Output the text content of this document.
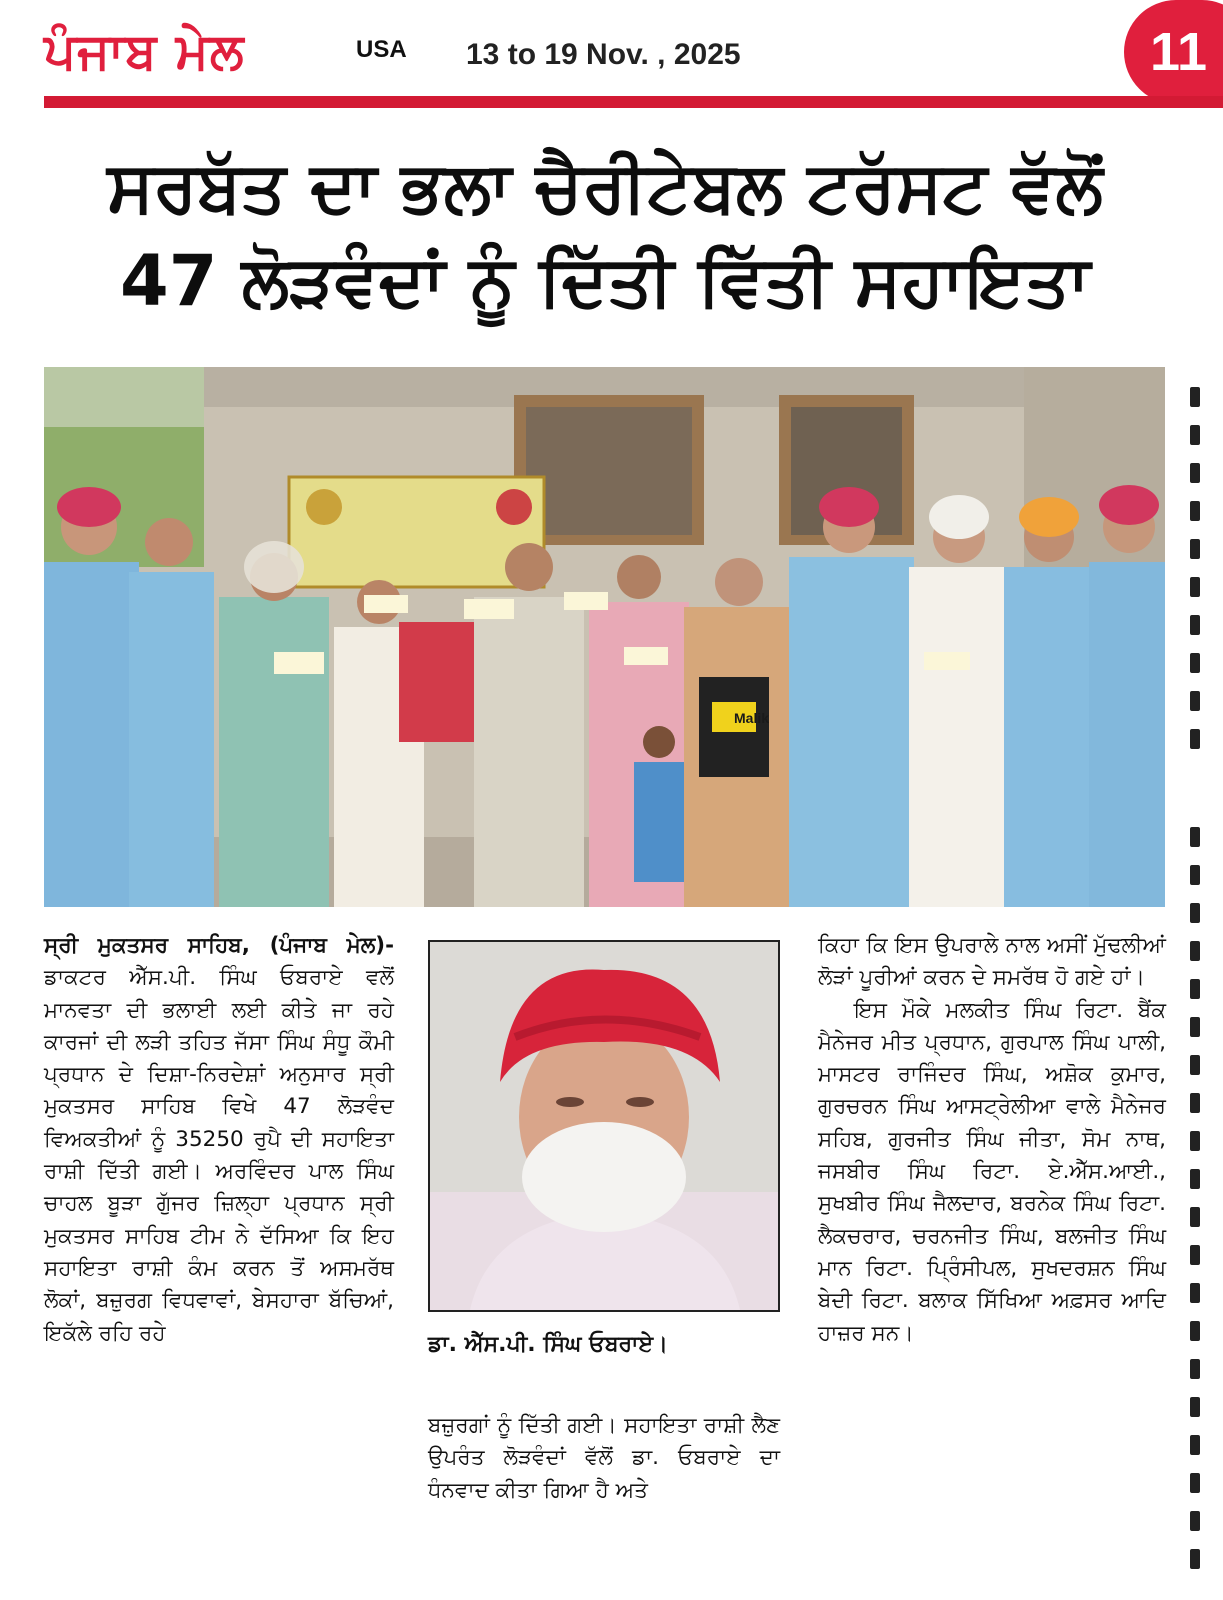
ਪੰਜਾਬ ਮੇਲ	USA 13 to 19 Nov. , 2025	11
ਸਰਬੱਤ ਦਾ ਭਲਾ ਚੈਰੀਟੇਬਲ ਟਰੱਸਟ ਵੱਲੋਂ
47 ਲੋੜਵੰਦਾਂ ਨੂੰ ਦਿੱਤੀ ਵਿੱਤੀ ਸਹਾਇਤਾ
Malik

ਸ੍ਰੀ ਮੁਕਤਸਰ ਸਾਹਿਬ, (ਪੰਜਾਬ ਮੇਲ)- ਡਾਕਟਰ ਐੱਸ.ਪੀ. ਸਿੰਘ ਓਬਰਾਏ ਵਲੋਂ ਮਾਨਵਤਾ ਦੀ ਭਲਾਈ ਲਈ ਕੀਤੇ ਜਾ ਰਹੇ ਕਾਰਜਾਂ ਦੀ ਲੜੀ ਤਹਿਤ ਜੱਸਾ ਸਿੰਘ ਸੰਧੂ ਕੌਮੀ ਪ੍ਰਧਾਨ ਦੇ ਦਿਸ਼ਾ-ਨਿਰਦੇਸ਼ਾਂ ਅਨੁਸਾਰ ਸ੍ਰੀ ਮੁਕਤਸਰ ਸਾਹਿਬ ਵਿਖੇ 47 ਲੋੜਵੰਦ ਵਿਅਕਤੀਆਂ ਨੂੰ 35250 ਰੁਪੈ ਦੀ ਸਹਾਇਤਾ ਰਾਸ਼ੀ ਦਿੱਤੀ ਗਈ। ਅਰਵਿੰਦਰ ਪਾਲ ਸਿੰਘ ਚਾਹਲ ਬੂੜਾ ਗੁੱਜਰ ਜ਼ਿਲ੍ਹਾ ਪ੍ਰਧਾਨ ਸ੍ਰੀ ਮੁਕਤਸਰ ਸਾਹਿਬ ਟੀਮ ਨੇ ਦੱਸਿਆ ਕਿ ਇਹ ਸਹਾਇਤਾ ਰਾਸ਼ੀ ਕੰਮ ਕਰਨ ਤੋਂ ਅਸਮਰੱਥ ਲੋਕਾਂ, ਬਜ਼ੁਰਗ ਵਿਧਵਾਵਾਂ, ਬੇਸਹਾਰਾ ਬੱਚਿਆਂ, ਇਕੱਲੇ ਰਹਿ ਰਹੇ	ਡਾ. ਐੱਸ.ਪੀ. ਸਿੰਘ ਓਬਰਾਏ।

ਬਜ਼ੁਰਗਾਂ ਨੂੰ ਦਿੱਤੀ ਗਈ। ਸਹਾਇਤਾ ਰਾਸ਼ੀ ਲੈਣ ਉਪਰੰਤ ਲੋੜਵੰਦਾਂ ਵੱਲੋਂ ਡਾ. ਓਬਰਾਏ ਦਾ ਧੰਨਵਾਦ ਕੀਤਾ ਗਿਆ ਹੈ ਅਤੇ

ਕਿਹਾ ਕਿ ਇਸ ਉਪਰਾਲੇ ਨਾਲ ਅਸੀਂ ਮੁੱਢਲੀਆਂ ਲੋੜਾਂ ਪੂਰੀਆਂ ਕਰਨ ਦੇ ਸਮਰੱਥ ਹੋ ਗਏ ਹਾਂ।

ਇਸ ਮੌਕੇ ਮਲਕੀਤ ਸਿੰਘ ਰਿਟਾ. ਬੈਂਕ ਮੈਨੇਜਰ ਮੀਤ ਪ੍ਰਧਾਨ, ਗੁਰਪਾਲ ਸਿੰਘ ਪਾਲੀ, ਮਾਸਟਰ ਰਾਜਿੰਦਰ ਸਿੰਘ, ਅਸ਼ੋਕ ਕੁਮਾਰ, ਗੁਰਚਰਨ ਸਿੰਘ ਆਸਟ੍ਰੇਲੀਆ ਵਾਲੇ ਮੈਨੇਜਰ ਸਹਿਬ, ਗੁਰਜੀਤ ਸਿੰਘ ਜੀਤਾ, ਸੋਮ ਨਾਥ, ਜਸਬੀਰ ਸਿੰਘ ਰਿਟਾ. ਏ.ਐੱਸ.ਆਈ., ਸੁਖਬੀਰ ਸਿੰਘ ਜੈਲਦਾਰ, ਬਰਨੇਕ ਸਿੰਘ ਰਿਟਾ. ਲੈਕਚਰਾਰ, ਚਰਨਜੀਤ ਸਿੰਘ, ਬਲਜੀਤ ਸਿੰਘ ਮਾਨ ਰਿਟਾ. ਪ੍ਰਿੰਸੀਪਲ, ਸੁਖਦਰਸ਼ਨ ਸਿੰਘ ਬੇਦੀ ਰਿਟਾ. ਬਲਾਕ ਸਿੱਖਿਆ ਅਫ਼ਸਰ ਆਦਿ ਹਾਜ਼ਰ ਸਨ।
